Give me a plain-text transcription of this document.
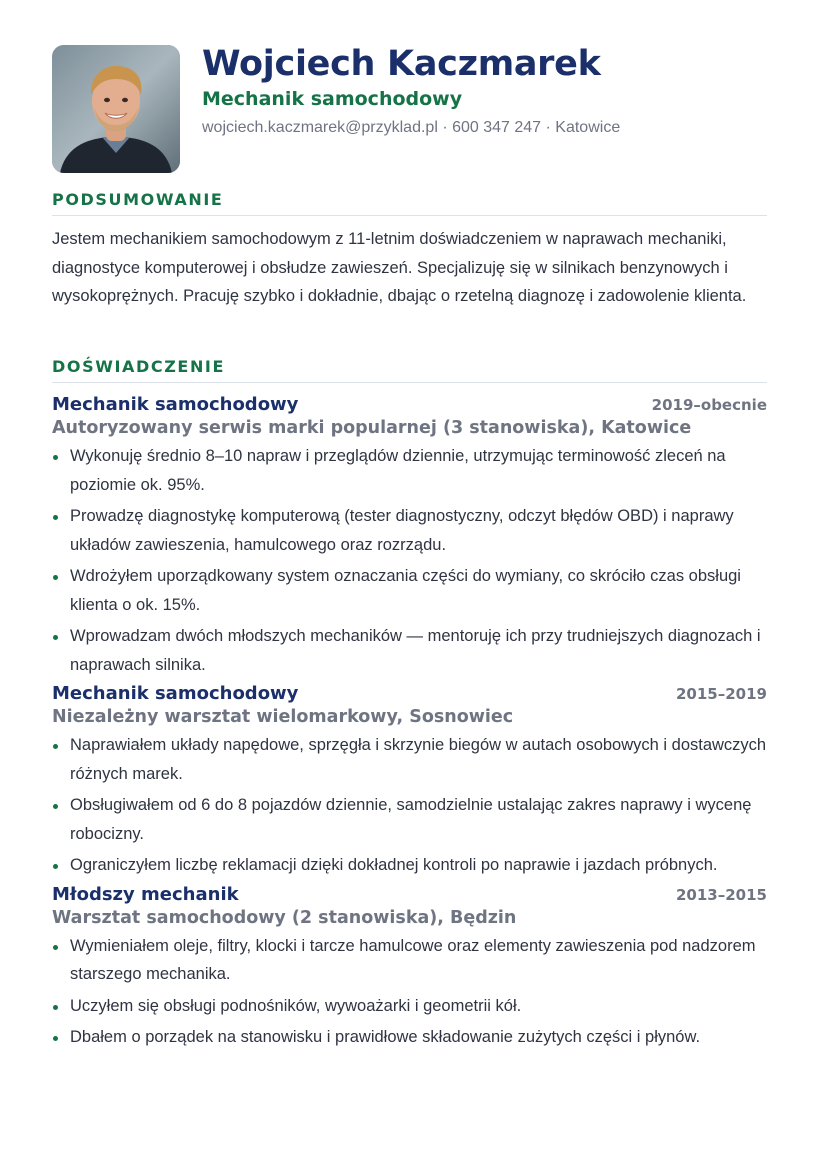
Wojciech Kaczmarek
Mechanik samochodowy
wojciech.kaczmarek@przyklad.pl · 600 347 247 · Katowice
PODSUMOWANIE
Jestem mechanikiem samochodowym z 11-letnim doświadczeniem w naprawach mechaniki, diagnostyce komputerowej i obsłudze zawieszeń. Specjalizuję się w silnikach benzynowych i wysokoprężnych. Pracuję szybko i dokładnie, dbając o rzetelną diagnozę i zadowolenie klienta.
DOŚWIADCZENIE
Mechanik samochodowy	2019–obecnie
Autoryzowany serwis marki popularnej (3 stanowiska), Katowice
Wykonuję średnio 8–10 napraw i przeglądów dziennie, utrzymując terminowość zleceń na poziomie ok. 95%.
Prowadzę diagnostykę komputerową (tester diagnostyczny, odczyt błędów OBD) i naprawy układów zawieszenia, hamulcowego oraz rozrządu.
Wdrożyłem uporządkowany system oznaczania części do wymiany, co skróciło czas obsługi klienta o ok. 15%.
Wprowadzam dwóch młodszych mechaników — mentoruję ich przy trudniejszych diagnozach i naprawach silnika.
Mechanik samochodowy	2015–2019
Niezależny warsztat wielomarkowy, Sosnowiec
Naprawiałem układy napędowe, sprzęgła i skrzynie biegów w autach osobowych i dostawczych różnych marek.
Obsługiwałem od 6 do 8 pojazdów dziennie, samodzielnie ustalając zakres naprawy i wycenę robocizny.
Ograniczyłem liczbę reklamacji dzięki dokładnej kontroli po naprawie i jazdach próbnych.
Młodszy mechanik	2013–2015
Warsztat samochodowy (2 stanowiska), Będzin
Wymieniałem oleje, filtry, klocki i tarcze hamulcowe oraz elementy zawieszenia pod nadzorem starszego mechanika.
Uczyłem się obsługi podnośników, wywoażarki i geometrii kół.
Dbałem o porządek na stanowisku i prawidłowe składowanie zużytych części i płynów.
